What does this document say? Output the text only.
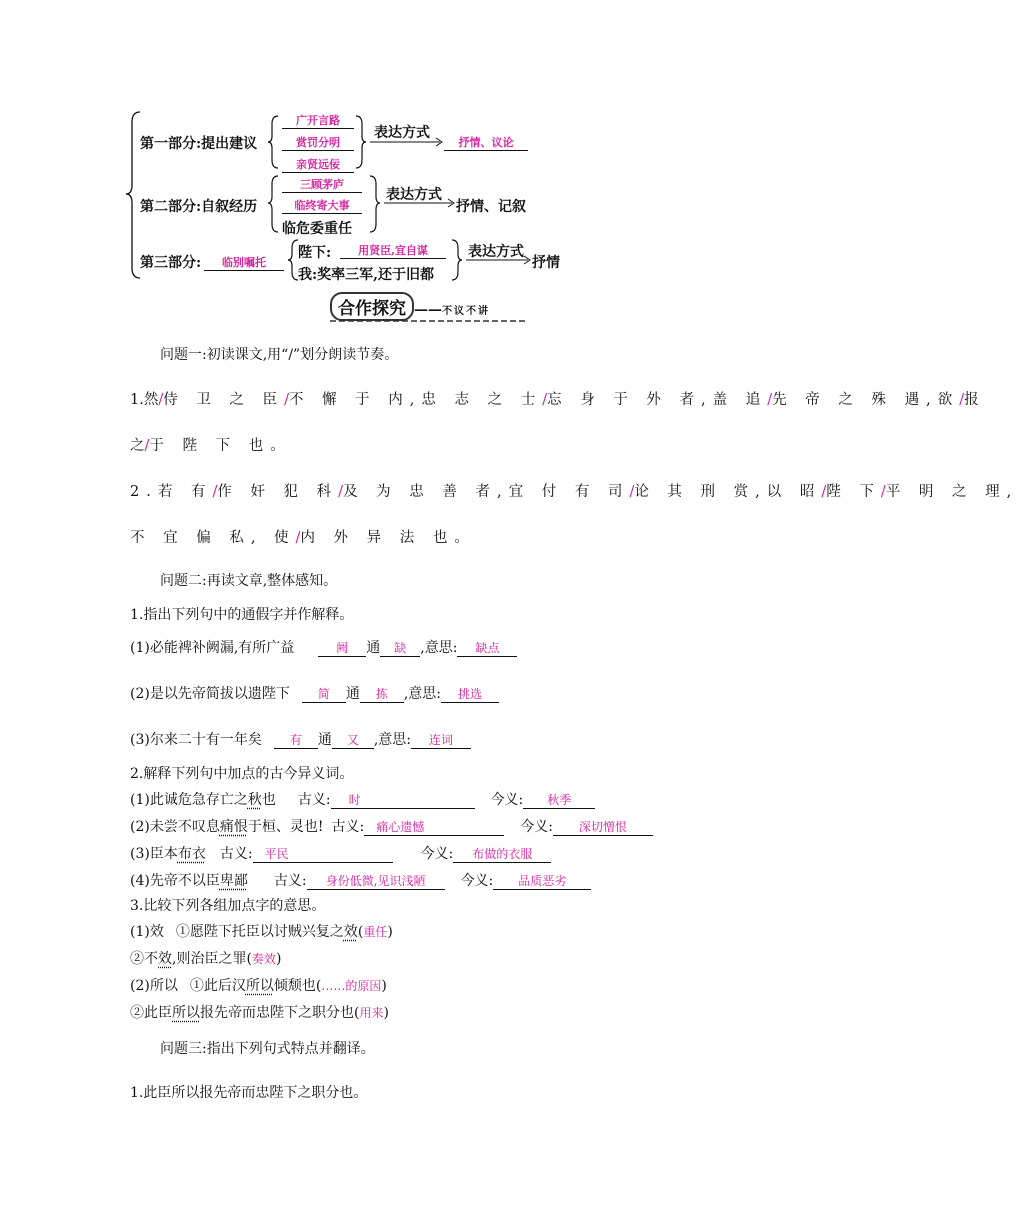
第一部分:提出建议
广开言路
赏罚分明
亲贤远佞
表达方式
抒情、议论
第二部分:自叙经历
三顾茅庐
临终寄大事
临危委重任
表达方式
抒情、记叙
第三部分:	临别嘱托
陛下:	用贤臣,宜自谋
我:奖率三军,还于旧都
表达方式
抒情
合作探究 ——不议不讲
问题一:初读课文,用“/”划分朗读节奏。
1.然/侍 卫 之 臣/不 懈 于 内,忠 志 之 士/忘 身 于 外 者,盖 追/先 帝 之 殊 遇,欲/报
之/于 陛 下 也。
2.若 有/作 奸 犯 科/及 为 忠 善 者,宜 付 有 司/论 其 刑 赏,以 昭/陛 下/平 明 之 理,
不 宜 偏 私, 使/内 外 异 法 也。
问题二:再读文章,整体感知。
1.指出下列句中的通假字并作解释。
(1)必能裨补阙漏,有所广益	阙 通 缺 ,意思: 缺点
(2)是以先帝简拔以遗陛下 简 通 拣 ,意思: 挑选
(3)尔来二十有一年矣 有 通 又 ,意思: 连词
2.解释下列句中加点的古今异义词。
(1)此诚危急存亡之秋也 古义: 时	今义: 秋季
(2)未尝不叹息痛恨于桓、灵也! 古义: 痛心遗憾	今义: 深切憎恨
(3)臣本布衣 古义: 平民	今义: 布做的衣服
(4)先帝不以臣卑鄙 古义: 身份低微,见识浅陋	今义: 品质恶劣
3.比较下列各组加点字的意思。
(1)效 ①愿陛下托臣以讨贼兴复之效(重任)
②不效,则治臣之罪(奏效)
(2)所以 ①此后汉所以倾颓也(……的原因)
②此臣所以报先帝而忠陛下之职分也(用来)
问题三:指出下列句式特点并翻译。
1.此臣所以报先帝而忠陛下之职分也。
